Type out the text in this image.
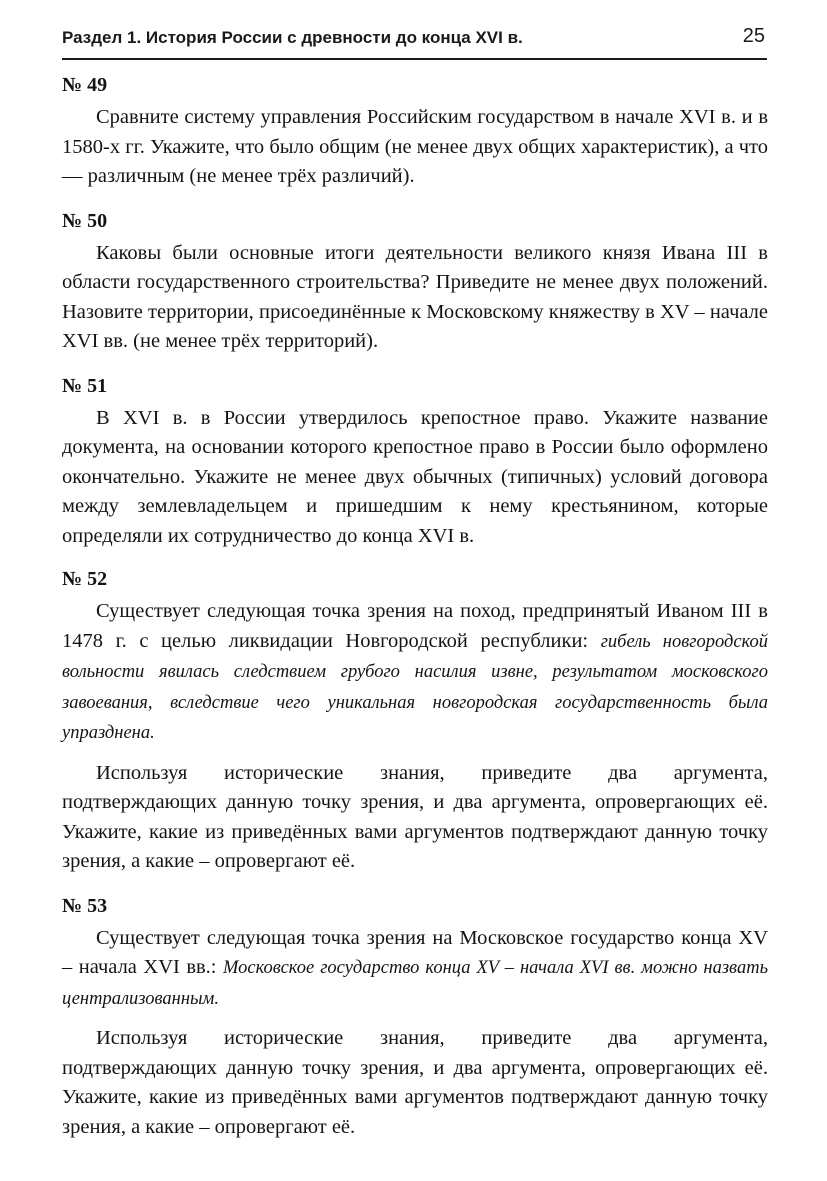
Раздел 1. История России с древности до конца XVI в.	25

№ 49

Сравните систему управления Российским государством в начале XVI в. и в 1580-х гг. Укажите, что было общим (не менее двух общих характеристик), а что — различным (не менее трёх различий).

№ 50

Каковы были основные итоги деятельности великого князя Ивана III в области государственного строительства? Приведите не менее двух положений. Назовите территории, присоединённые к Московскому княжеству в XV – начале XVI вв. (не менее трёх территорий).

№ 51

В XVI в. в России утвердилось крепостное право. Укажите название документа, на основании которого крепостное право в России было оформлено окончательно. Укажите не менее двух обычных (типичных) условий договора между землевладельцем и пришедшим к нему крестьянином, которые определяли их сотрудничество до конца XVI в.

№ 52

Существует следующая точка зрения на поход, предпринятый Иваном III в 1478 г. с целью ликвидации Новгородской республики: гибель новгородской вольности явилась следствием грубого насилия извне, результатом московского завоевания, вследствие чего уникальная новгородская государственность была упразднена.

Используя исторические знания, приведите два аргумента, подтверждающих данную точку зрения, и два аргумента, опровергающих её. Укажите, какие из приведённых вами аргументов подтверждают данную точку зрения, а какие – опровергают её.

№ 53

Существует следующая точка зрения на Московское государство конца XV – начала XVI вв.: Московское государство конца XV – начала XVI вв. можно назвать централизованным.

Используя исторические знания, приведите два аргумента, подтверждающих данную точку зрения, и два аргумента, опровергающих её. Укажите, какие из приведённых вами аргументов подтверждают данную точку зрения, а какие – опровергают её.
